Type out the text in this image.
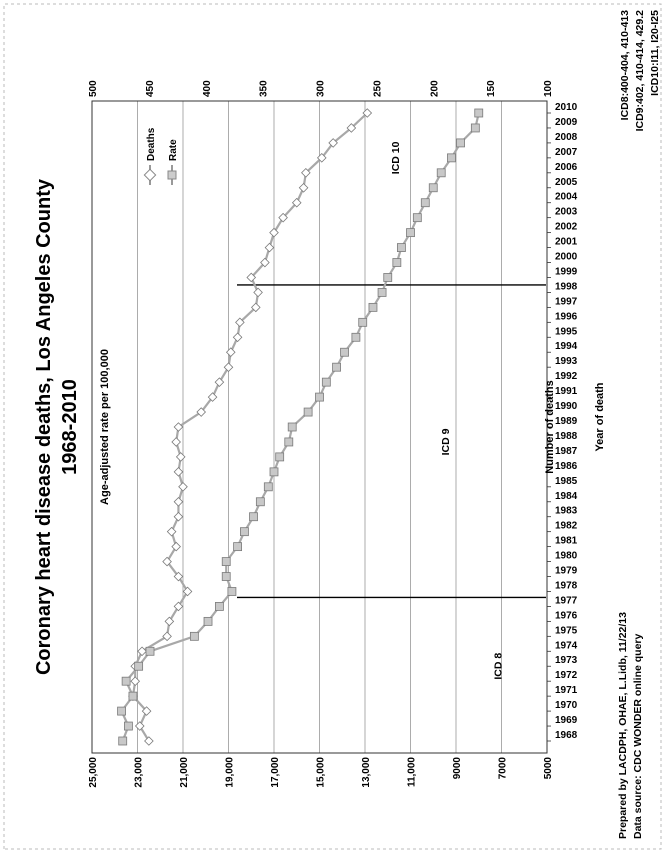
Coronary heart disease deaths, Los Angeles County 1968-2010
5000
7000
9000
11,000
13,000
15,000
17,000
19,000
21,000
23,000
25,000
100
150
200
250
300
350
400
450
500
1968
1969
1970
1971
1972
1973
1974
1975
1976
1977
1978
1979
1980
1981
1982
1983
1984
1985
1986
1987
1988
1989
1990
1991
1992
1993
1994
1995
1996
1997
1998
1999
2000
2001
2002
2003
2004
2005
2006
2007
2008
2009
2010
ICD 8
ICD 9
ICD 10
Number of deaths
Age-adjusted rate per 100,000	Year of death
Deaths Rate
Prepared by LACDPH, OHAE, L.Lidb, 11/22/13 Data source: CDC WONDER online query
ICD8:400-404, 410-413 ICD9:402, 410-414, 429.2 ICD10:I11, I20-I25
